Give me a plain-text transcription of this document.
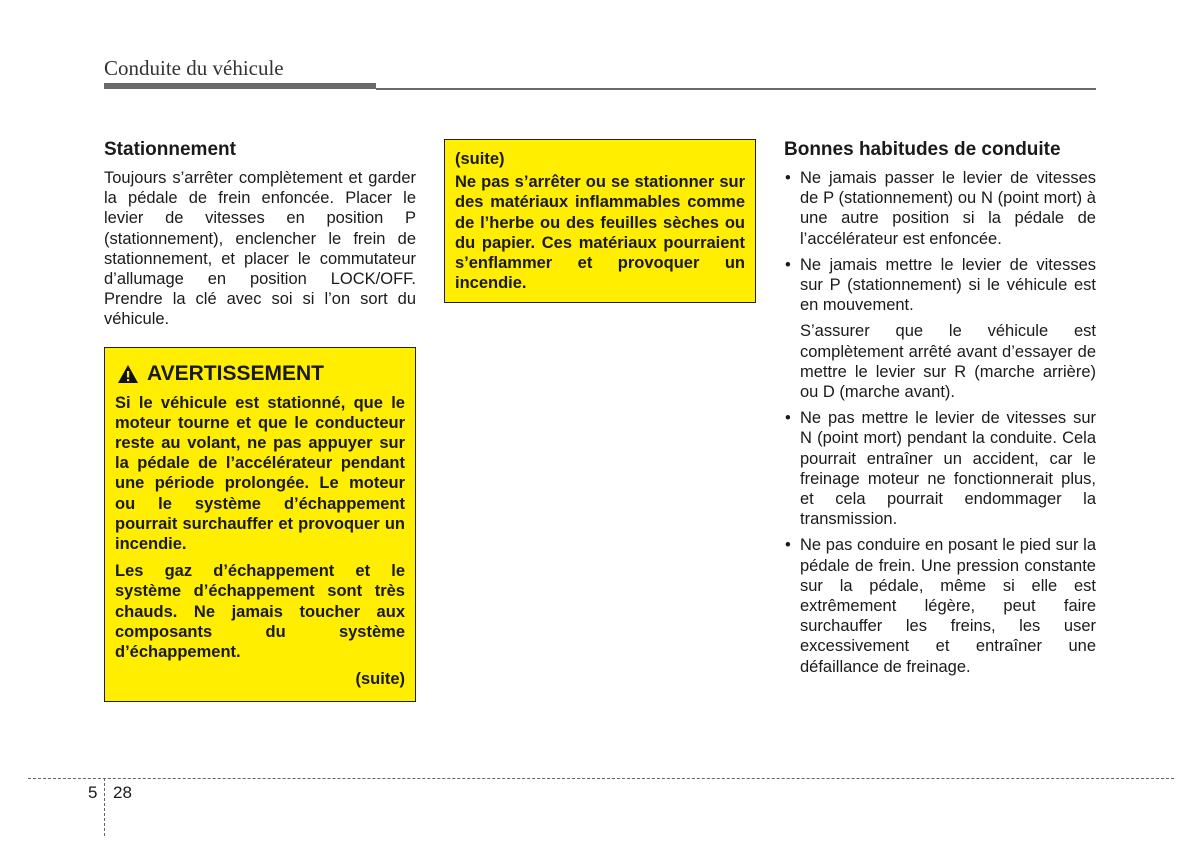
Conduite du véhicule
Stationnement

Toujours s’arrêter complètement et garder la pédale de frein enfoncée. Placer le levier de vitesses en position P (stationnement), enclencher le frein de stationnement, et placer le commutateur d’allumage en position LOCK/OFF. Prendre la clé avec soi si l’on sort du véhicule.

AVERTISSEMENT

Si le véhicule est stationné, que le moteur tourne et que le conducteur reste au volant, ne pas appuyer sur la pédale de l’accélérateur pendant une période prolongée. Le moteur ou le système d’échappement pourrait surchauffer et provoquer un incendie.

Les gaz d’échappement et le système d’échappement sont très chauds. Ne jamais toucher aux composants du système d’échappement.

(suite)

(suite)

Ne pas s’arrêter ou se stationner sur des matériaux inflammables comme de l’herbe ou des feuilles sèches ou du papier. Ces matériaux pourraient s’enflammer et provoquer un incendie.

Bonnes habitudes de conduite
• Ne jamais passer le levier de vitesses de P (stationnement) ou N (point mort) à une autre position si la pédale de l’accélérateur est enfoncée.
• Ne jamais mettre le levier de vitesses sur P (stationnement) si le véhicule est en mouvement.
S’assurer que le véhicule est complètement arrêté avant d’essayer de mettre le levier sur R (marche arrière) ou D (marche avant).
• Ne pas mettre le levier de vitesses sur N (point mort) pendant la conduite. Cela pourrait entraîner un accident, car le freinage moteur ne fonctionnerait plus, et cela pourrait endommager la transmission.
• Ne pas conduire en posant le pied sur la pédale de frein. Une pression constante sur la pédale, même si elle est extrêmement légère, peut faire surchauffer les freins, les user excessivement et entraîner une défaillance de freinage.
5 28
